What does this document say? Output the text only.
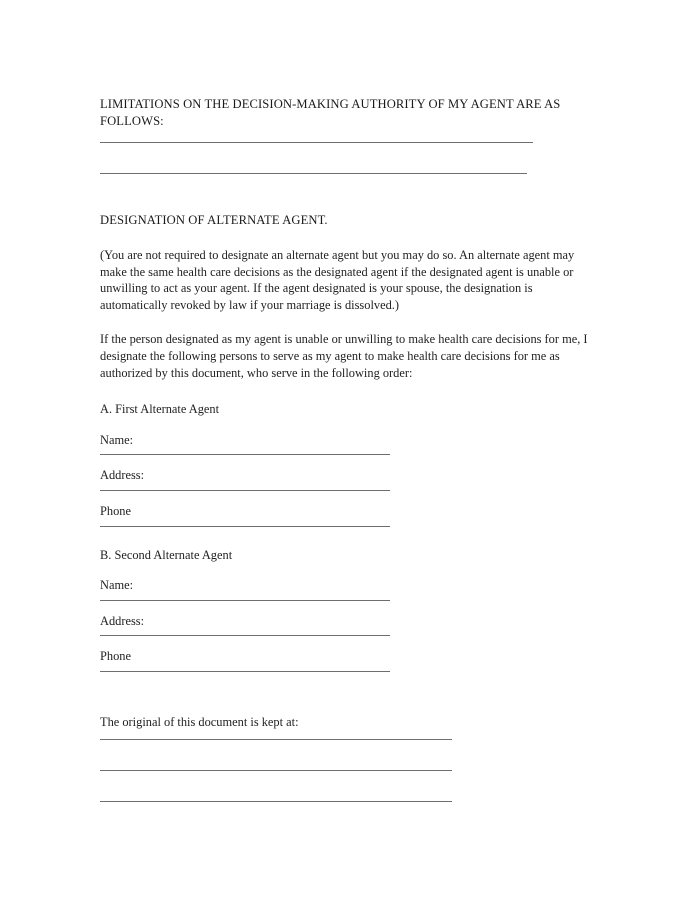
LIMITATIONS ON THE DECISION-MAKING AUTHORITY OF MY AGENT ARE AS FOLLOWS:

DESIGNATION OF ALTERNATE AGENT.

(You are not required to designate an alternate agent but you may do so. An alternate agent may make the same health care decisions as the designated agent if the designated agent is unable or unwilling to act as your agent. If the agent designated is your spouse, the designation is automatically revoked by law if your marriage is dissolved.)

If the person designated as my agent is unable or unwilling to make health care decisions for me, I designate the following persons to serve as my agent to make health care decisions for me as authorized by this document, who serve in the following order:

A. First Alternate Agent

Name:

Address:

Phone

B. Second Alternate Agent

Name:

Address:

Phone

The original of this document is kept at:
